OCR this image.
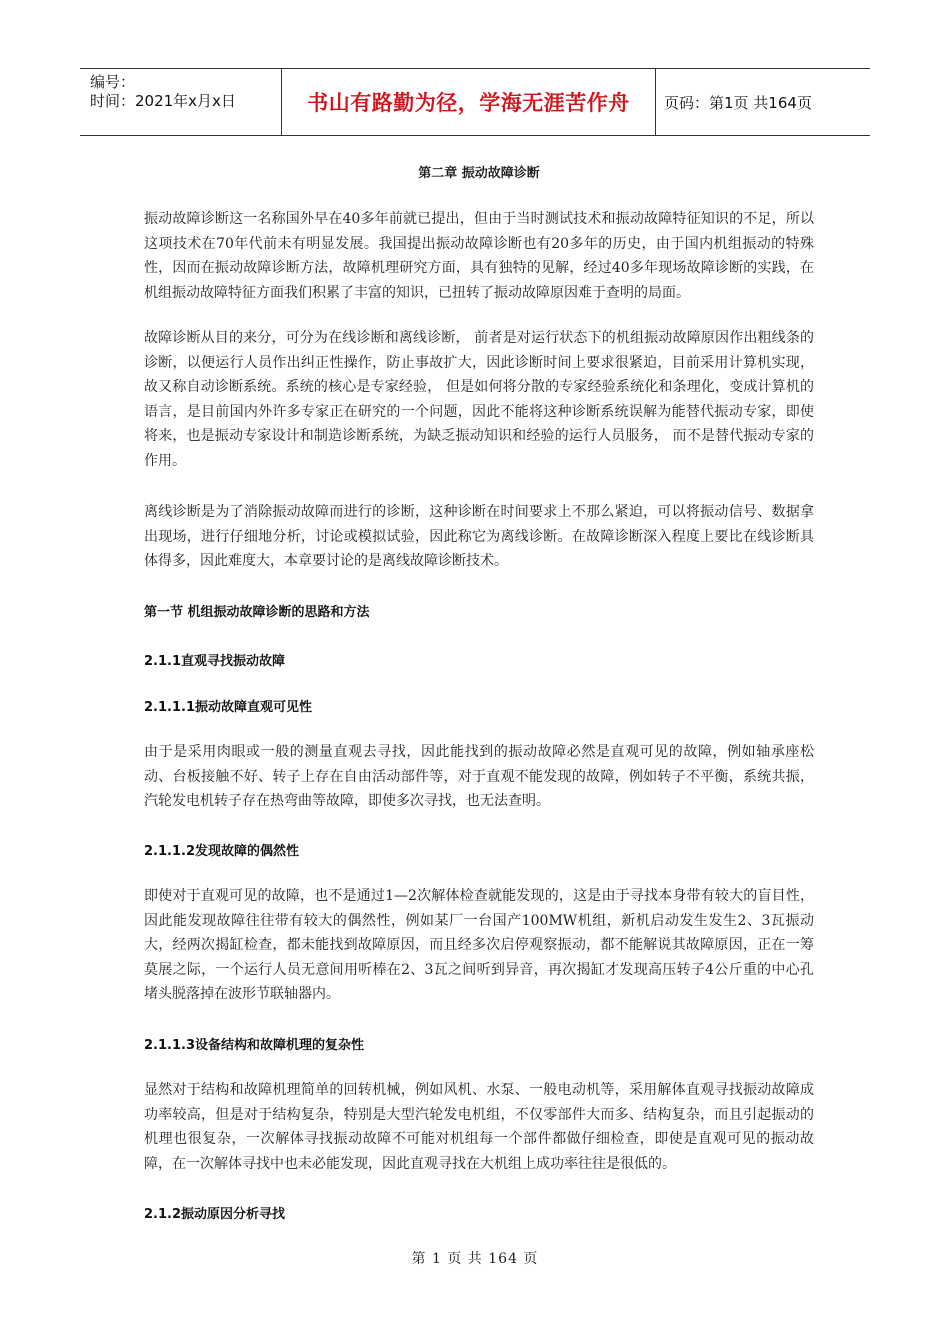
编号：
时间：2021年x月x日	书山有路勤为径，学海无涯苦作舟	页码：第1页 共164页
第二章 振动故障诊断

振动故障诊断这一名称国外早在40多年前就已提出，但由于当时测试技术和振动故障特征知识的不足，所以这项技术在70年代前未有明显发展。我国提出振动故障诊断也有20多年的历史，由于国内机组振动的特殊性，因而在振动故障诊断方法，故障机理研究方面，具有独特的见解，经过40多年现场故障诊断的实践，在机组振动故障特征方面我们积累了丰富的知识，已扭转了振动故障原因难于查明的局面。

故障诊断从目的来分，可分为在线诊断和离线诊断， 前者是对运行状态下的机组振动故障原因作出粗线条的诊断，以便运行人员作出纠正性操作，防止事故扩大，因此诊断时间上要求很紧迫，目前采用计算机实现，故又称自动诊断系统。系统的核心是专家经验， 但是如何将分散的专家经验系统化和条理化，变成计算机的语言，是目前国内外许多专家正在研究的一个问题，因此不能将这种诊断系统误解为能替代振动专家，即使将来，也是振动专家设计和制造诊断系统，为缺乏振动知识和经验的运行人员服务， 而不是替代振动专家的作用。

离线诊断是为了消除振动故障而进行的诊断，这种诊断在时间要求上不那么紧迫，可以将振动信号、数据拿出现场，进行仔细地分析，讨论或模拟试验，因此称它为离线诊断。在故障诊断深入程度上要比在线诊断具体得多，因此难度大，本章要讨论的是离线故障诊断技术。

第一节 机组振动故障诊断的思路和方法
2.1.1直观寻找振动故障
2.1.1.1振动故障直观可见性

由于是采用肉眼或一般的测量直观去寻找，因此能找到的振动故障必然是直观可见的故障，例如轴承座松动、台板接触不好、转子上存在自由活动部件等，对于直观不能发现的故障，例如转子不平衡，系统共振，汽轮发电机转子存在热弯曲等故障，即使多次寻找，也无法查明。

2.1.1.2发现故障的偶然性

即使对于直观可见的故障，也不是通过1—2次解体检查就能发现的，这是由于寻找本身带有较大的盲目性，因此能发现故障往往带有较大的偶然性，例如某厂一台国产100MW机组，新机启动发生发生2、3瓦振动大，经两次揭缸检查，都未能找到故障原因，而且经多次启停观察振动，都不能解说其故障原因，正在一筹莫展之际，一个运行人员无意间用听棒在2、3瓦之间听到异音，再次揭缸才发现高压转子4公斤重的中心孔堵头脱落掉在波形节联轴器内。

2.1.1.3设备结构和故障机理的复杂性

显然对于结构和故障机理简单的回转机械，例如风机、水泵、一般电动机等，采用解体直观寻找振动故障成功率较高，但是对于结构复杂，特别是大型汽轮发电机组，不仅零部件大而多、结构复杂，而且引起振动的机理也很复杂，一次解体寻找振动故障不可能对机组每一个部件都做仔细检查，即使是直观可见的振动故障，在一次解体寻找中也未必能发现，因此直观寻找在大机组上成功率往往是很低的。

2.1.2振动原因分析寻找
第 1 页 共 164 页
